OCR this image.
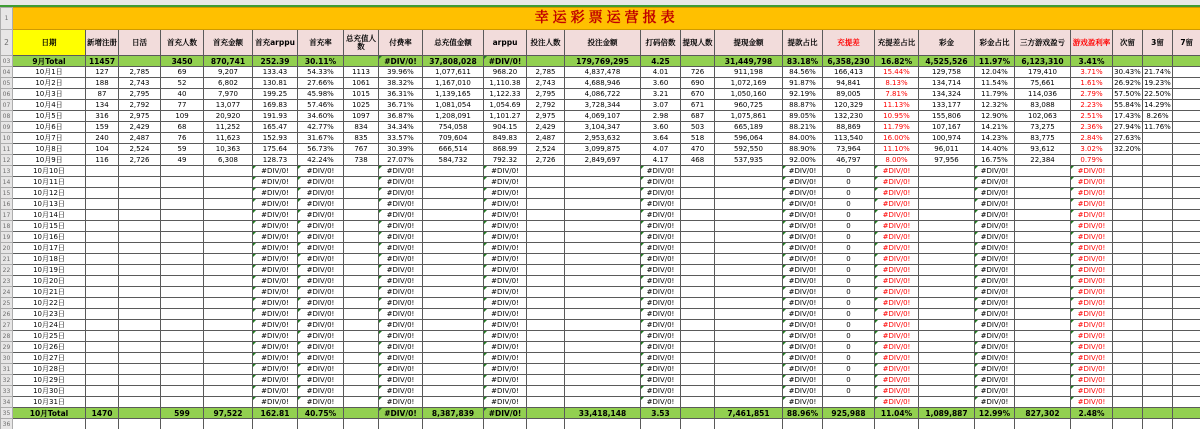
1	幸运彩票运营报表																									
2	日期	新增注册	日活	首充人数	首充金额	首充arppu	首充率	总充值人数	付费率	总充值金额	arppu	投注人数	投注金额	打码倍数	提现人数	提现金额	提款占比	充提差	充提差占比	彩金	彩金占比	三方游戏盈亏	游戏盈利率	次留	3留	7留
03	9月Total	11457		3450	870,741	252.39	30.11%		#DIV/0!	37,808,028	#DIV/0!		179,769,295	4.25		31,449,798	83.18%	6,358,230	16.82%	4,525,526	11.97%	6,123,310	3.41%			
04	10月1日	127	2,785	69	9,207	133.43	54.33%	1113	39.96%	1,077,611	968.20	2,785	4,837,478	4.01	726	911,198	84.56%	166,413	15.44%	129,758	12.04%	179,410	3.71%	30.43%	21.74%	
05	10月2日	188	2,743	52	6,802	130.81	27.66%	1061	38.32%	1,167,010	1,110.38	2,743	4,688,946	3.60	690	1,072,169	91.87%	94,841	8.13%	134,714	11.54%	75,661	1.61%	26.92%	19.23%	
06	10月3日	87	2,795	40	7,970	199.25	45.98%	1015	36.31%	1,139,165	1,122.33	2,795	4,086,722	3.21	670	1,050,160	92.19%	89,005	7.81%	134,324	11.79%	114,036	2.79%	57.50%	22.50%	
07	10月4日	134	2,792	77	13,077	169.83	57.46%	1025	36.71%	1,081,054	1,054.69	2,792	3,728,344	3.07	671	960,725	88.87%	120,329	11.13%	133,177	12.32%	83,088	2.23%	55.84%	14.29%	
08	10月5日	316	2,975	109	20,920	191.93	34.60%	1097	36.87%	1,208,091	1,101.27	2,975	4,069,107	2.98	687	1,075,861	89.05%	132,230	10.95%	155,806	12.90%	102,063	2.51%	17.43%	8.26%	
09	10月6日	159	2,429	68	11,252	165.47	42.77%	834	34.34%	754,058	904.15	2,429	3,104,347	3.60	503	665,189	88.21%	88,869	11.79%	107,167	14.21%	73,275	2.36%	27.94%	11.76%	
10	10月7日	240	2,487	76	11,623	152.93	31.67%	835	33.57%	709,604	849.83	2,487	2,953,632	3.64	518	596,064	84.00%	113,540	16.00%	100,974	14.23%	83,775	2.84%	27.63%		
11	10月8日	104	2,524	59	10,363	175.64	56.73%	767	30.39%	666,514	868.99	2,524	3,099,875	4.07	470	592,550	88.90%	73,964	11.10%	96,011	14.40%	93,612	3.02%	32.20%		
12	10月9日	116	2,726	49	6,308	128.73	42.24%	738	27.07%	584,732	792.32	2,726	2,849,697	4.17	468	537,935	92.00%	46,797	8.00%	97,956	16.75%	22,384	0.79%			
13	10月10日					#DIV/0!	#DIV/0!		#DIV/0!		#DIV/0!			#DIV/0!			#DIV/0!	0	#DIV/0!		#DIV/0!		#DIV/0!			
14	10月11日					#DIV/0!	#DIV/0!		#DIV/0!		#DIV/0!			#DIV/0!			#DIV/0!	0	#DIV/0!		#DIV/0!		#DIV/0!			
15	10月12日					#DIV/0!	#DIV/0!		#DIV/0!		#DIV/0!			#DIV/0!			#DIV/0!	0	#DIV/0!		#DIV/0!		#DIV/0!			
16	10月13日					#DIV/0!	#DIV/0!		#DIV/0!		#DIV/0!			#DIV/0!			#DIV/0!	0	#DIV/0!		#DIV/0!		#DIV/0!			
17	10月14日					#DIV/0!	#DIV/0!		#DIV/0!		#DIV/0!			#DIV/0!			#DIV/0!	0	#DIV/0!		#DIV/0!		#DIV/0!			
18	10月15日					#DIV/0!	#DIV/0!		#DIV/0!		#DIV/0!			#DIV/0!			#DIV/0!	0	#DIV/0!		#DIV/0!		#DIV/0!			
19	10月16日					#DIV/0!	#DIV/0!		#DIV/0!		#DIV/0!			#DIV/0!			#DIV/0!	0	#DIV/0!		#DIV/0!		#DIV/0!			
20	10月17日					#DIV/0!	#DIV/0!		#DIV/0!		#DIV/0!			#DIV/0!			#DIV/0!	0	#DIV/0!		#DIV/0!		#DIV/0!			
21	10月18日					#DIV/0!	#DIV/0!		#DIV/0!		#DIV/0!			#DIV/0!			#DIV/0!	0	#DIV/0!		#DIV/0!		#DIV/0!			
22	10月19日					#DIV/0!	#DIV/0!		#DIV/0!		#DIV/0!			#DIV/0!			#DIV/0!	0	#DIV/0!		#DIV/0!		#DIV/0!			
23	10月20日					#DIV/0!	#DIV/0!		#DIV/0!		#DIV/0!			#DIV/0!			#DIV/0!	0	#DIV/0!		#DIV/0!		#DIV/0!			
24	10月21日					#DIV/0!	#DIV/0!		#DIV/0!		#DIV/0!			#DIV/0!			#DIV/0!	0	#DIV/0!		#DIV/0!		#DIV/0!			
25	10月22日					#DIV/0!	#DIV/0!		#DIV/0!		#DIV/0!			#DIV/0!			#DIV/0!	0	#DIV/0!		#DIV/0!		#DIV/0!			
26	10月23日					#DIV/0!	#DIV/0!		#DIV/0!		#DIV/0!			#DIV/0!			#DIV/0!	0	#DIV/0!		#DIV/0!		#DIV/0!			
27	10月24日					#DIV/0!	#DIV/0!		#DIV/0!		#DIV/0!			#DIV/0!			#DIV/0!	0	#DIV/0!		#DIV/0!		#DIV/0!			
28	10月25日					#DIV/0!	#DIV/0!		#DIV/0!		#DIV/0!			#DIV/0!			#DIV/0!	0	#DIV/0!		#DIV/0!		#DIV/0!			
29	10月26日					#DIV/0!	#DIV/0!		#DIV/0!		#DIV/0!			#DIV/0!			#DIV/0!	0	#DIV/0!		#DIV/0!		#DIV/0!			
30	10月27日					#DIV/0!	#DIV/0!		#DIV/0!		#DIV/0!			#DIV/0!			#DIV/0!	0	#DIV/0!		#DIV/0!		#DIV/0!			
31	10月28日					#DIV/0!	#DIV/0!		#DIV/0!		#DIV/0!			#DIV/0!			#DIV/0!	0	#DIV/0!		#DIV/0!		#DIV/0!			
32	10月29日					#DIV/0!	#DIV/0!		#DIV/0!		#DIV/0!			#DIV/0!			#DIV/0!	0	#DIV/0!		#DIV/0!		#DIV/0!			
33	10月30日					#DIV/0!	#DIV/0!		#DIV/0!		#DIV/0!			#DIV/0!			#DIV/0!	0	#DIV/0!		#DIV/0!		#DIV/0!			
34	10月31日					#DIV/0!	#DIV/0!		#DIV/0!		#DIV/0!			#DIV/0!			#DIV/0!		#DIV/0!		#DIV/0!		#DIV/0!			
35	10月Total	1470		599	97,522	162.81	40.75%		#DIV/0!	8,387,839	#DIV/0!		33,418,148	3.53		7,461,851	88.96%	925,988	11.04%	1,089,887	12.99%	827,302	2.48%			
36																										
